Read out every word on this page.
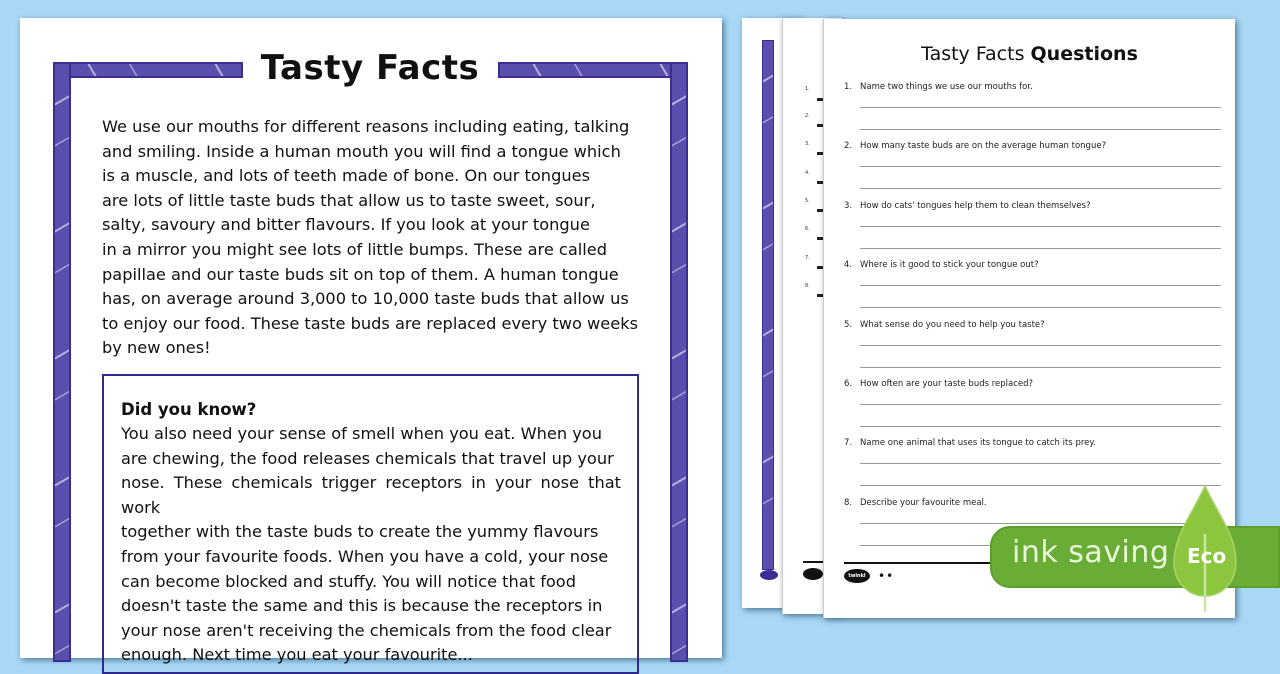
Tasty Facts
We use our mouths for different reasons including eating, talking
and smiling. Inside a human mouth you will find a tongue which
is a muscle, and lots of teeth made of bone. On our tongues
are lots of little taste buds that allow us to taste sweet, sour,
salty, savoury and bitter flavours. If you look at your tongue
in a mirror you might see lots of little bumps. These are called
papillae and our taste buds sit on top of them. A human tongue
has, on average around 3,000 to 10,000 taste buds that allow us
to enjoy our food. These taste buds are replaced every two weeks
by new ones!
Did you know?
You also need your sense of smell when you eat. When you
are chewing, the food releases chemicals that travel up your
nose. These chemicals trigger receptors in your nose that work
together with the taste buds to create the yummy flavours
from your favourite foods. When you have a cold, your nose
can become blocked and stuffy. You will notice that food
doesn't taste the same and this is because the receptors in
your nose aren't receiving the chemicals from the food clear
enough. Next time you eat your favourite...
1.
2.
3.
4.
5.
6.
7.
8.
Tasty Facts Questions
1. Name two things we use our mouths for.
2. How many taste buds are on the average human tongue?
3. How do cats' tongues help them to clean themselves?
4. Where is it good to stick your tongue out?
5. What sense do you need to help you taste?
6. How often are your taste buds replaced?
7. Name one animal that uses its tongue to catch its prey.
8. Describe your favourite meal.
twinkl	••
ink saving Eco
